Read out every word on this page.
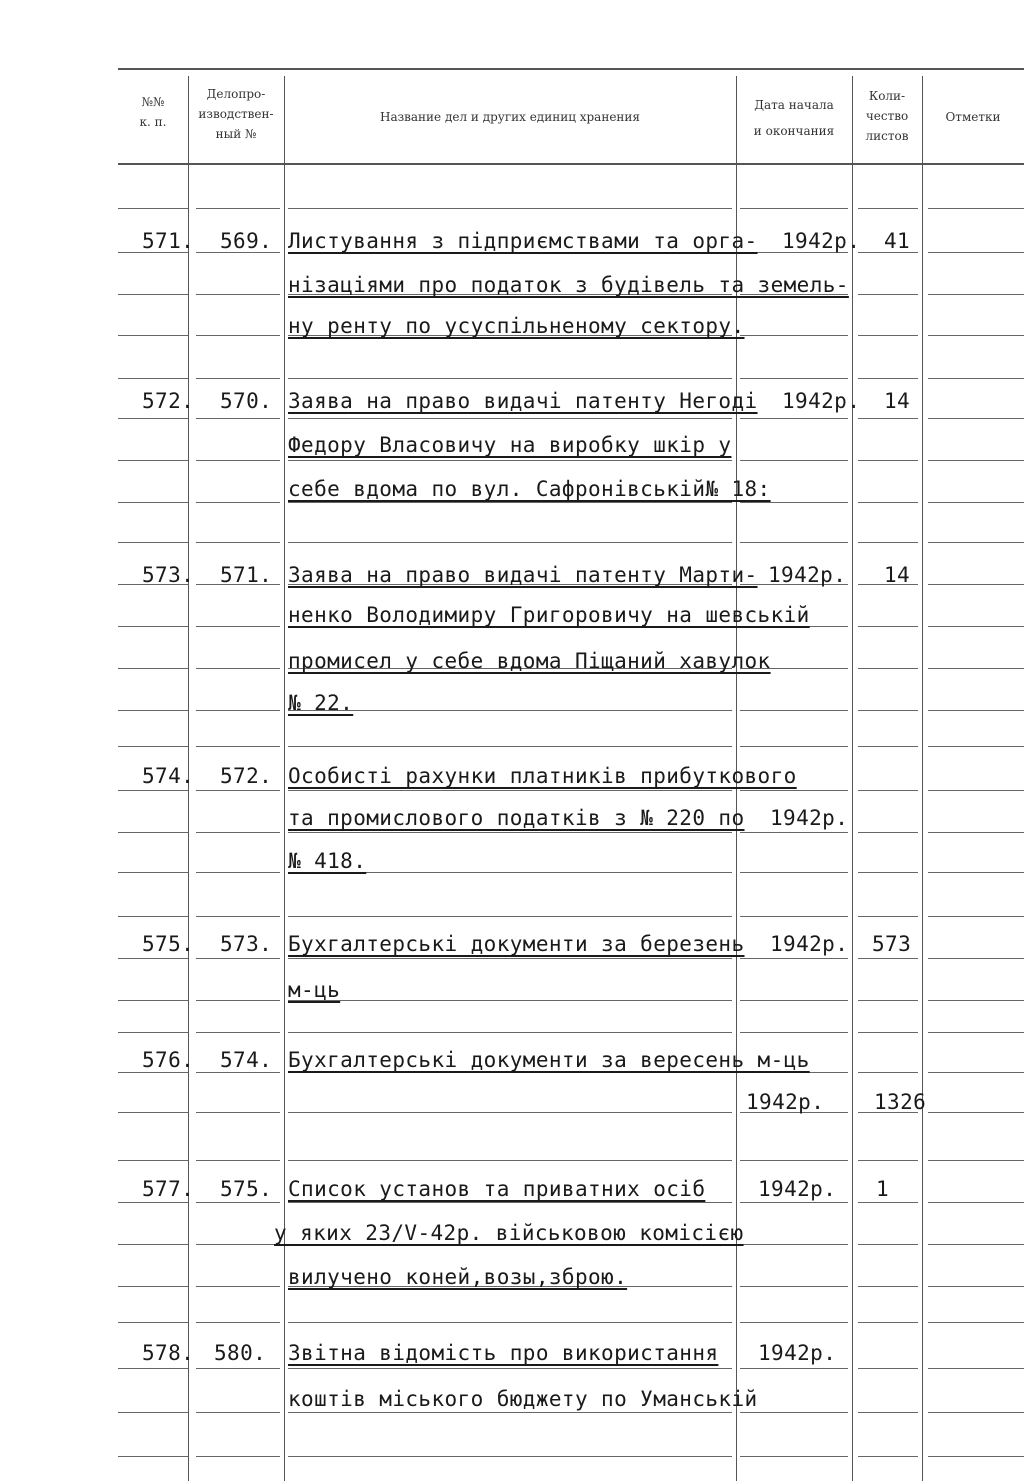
№№
к. п.
Делопро-
изводствен-
ный №
Название дел и других единиц хранения
Дата начала
и окончания
Коли-
чество
листов
Отметки
571. 569. Листування з підприємствами та орга-
нізаціями про податок з будівель та земель-
ну ренту по усуспільненому сектору.
1942р. 41
572. 570. Заява на право видачі патенту Негоді
Федору Власовичу на виробку шкір у
себе вдома по вул. Сафронівській№ 18:
1942р. 14
573. 571. Заява на право видачі патенту Марти-
ненко Володимиру Григоровичу на шевській
промисел у себе вдома Піщаний хавулок
№ 22.
1942р. 14
574. 572. Особисті рахунки платників прибуткового
та промислового податків з № 220 по
№ 418.
1942р.
575. 573. Бухгалтерські документи за березень
м-ць
1942р. 573
576. 574. Бухгалтерські документи за вересень м-ць
1942р. 1326
577. 575. Список установ та приватних осіб
у яких 23/V-42р. військовою комісією
вилучено коней,возы,зброю.
1942р. 1
578. 580. Звітна відомість про використання
коштів міського бюджету по Уманській
1942р.
